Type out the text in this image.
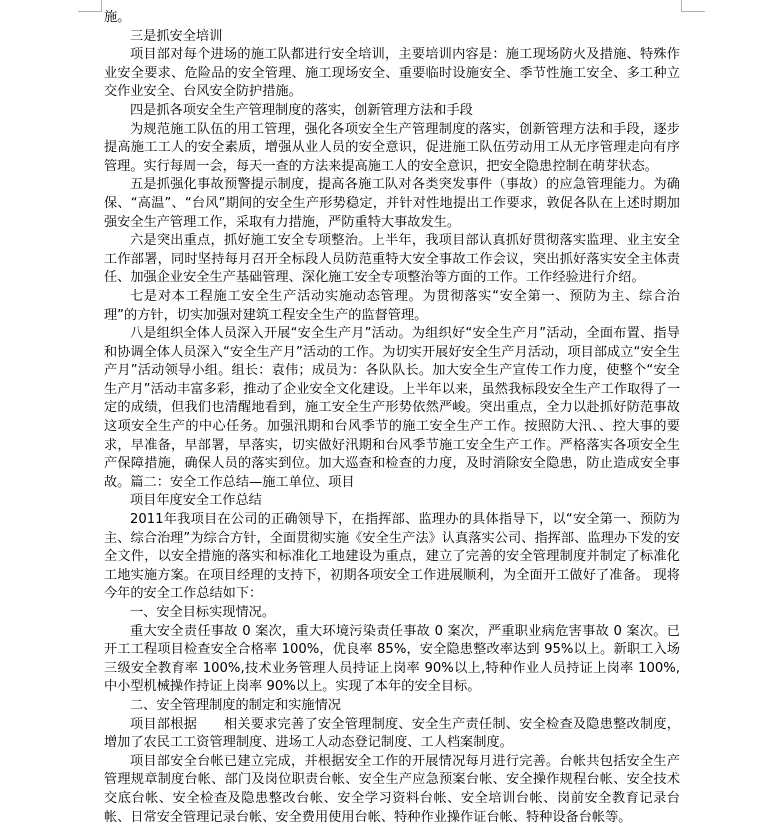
施。

三是抓安全培训

项目部对每个进场的施工队都进行安全培训，主要培训内容是：施工现场防火及措施、特殊作业安全要求、危险品的安全管理、施工现场安全、重要临时设施安全、季节性施工安全、多工种立交作业安全、台风安全防护措施。

四是抓各项安全生产管理制度的落实，创新管理方法和手段

为规范施工队伍的用工管理，强化各项安全生产管理制度的落实，创新管理方法和手段，逐步提高施工工人的安全素质，增强从业人员的安全意识，促进施工队伍劳动用工从无序管理走向有序管理。实行每周一会，每天一查的方法来提高施工人的安全意识，把安全隐患控制在萌芽状态。

五是抓强化事故预警提示制度，提高各施工队对各类突发事件（事故）的应急管理能力。为确保、“高温”、“台风”期间的安全生产形势稳定，并针对性地提出工作要求，敦促各队在上述时期加强安全生产管理工作，采取有力措施，严防重特大事故发生。

六是突出重点，抓好施工安全专项整治。上半年，我项目部认真抓好贯彻落实监理、业主安全工作部署，同时坚持每月召开全标段人员防范重特大安全事故工作会议，突出抓好落实安全主体责任、加强企业安全生产基础管理、深化施工安全专项整治等方面的工作。工作经验进行介绍。

七是对本工程施工安全生产活动实施动态管理。为贯彻落实“安全第一、预防为主、综合治理”的方针，切实加强对建筑工程安全生产的监督管理。

八是组织全体人员深入开展“安全生产月”活动。为组织好“安全生产月”活动，全面布置、指导和协调全体人员深入“安全生产月”活动的工作。为切实开展好安全生产月活动，项目部成立“安全生产月”活动领导小组。组长：袁伟；成员为：各队队长。加大安全生产宣传工作力度，使整个“安全生产月”活动丰富多彩，推动了企业安全文化建设。上半年以来，虽然我标段安全生产工作取得了一定的成绩，但我们也清醒地看到，施工安全生产形势依然严峻。突出重点，全力以赴抓好防范事故这项安全生产的中心任务。加强汛期和台风季节的施工安全生产工作。按照防大汛、、控大事的要求，早准备，早部署，早落实，切实做好汛期和台风季节施工安全生产工作。严格落实各项安全生产保障措施，确保人员的落实到位。加大巡查和检查的力度，及时消除安全隐患，防止造成安全事故。篇二：安全工作总结—施工单位、项目

项目年度安全工作总结

2011年我项目在公司的正确领导下，在指挥部、监理办的具体指导下，以“安全第一、预防为主、综合治理”为综合方针，全面贯彻实施《安全生产法》认真落实公司、指挥部、监理办下发的安全文件，以安全措施的落实和标准化工地建设为重点，建立了完善的安全管理制度并制定了标准化工地实施方案。在项目经理的支持下，初期各项安全工作进展顺利，为全面开工做好了准备。 现将今年的安全工作总结如下：

一、安全目标实现情况。

重大安全责任事故 0 案次，重大环境污染责任事故 0 案次，严重职业病危害事故 0 案次。已开工工程项目检查安全合格率 100%，优良率 85%，安全隐患整改率达到 95%以上。新职工入场三级安全教育率 100%,技术业务管理人员持证上岗率 90%以上,特种作业人员持证上岗率 100%,中小型机械操作持证上岗率 90%以上。实现了本年的安全目标。

二、安全管理制度的制定和实施情况

项目部根据　　相关要求完善了安全管理制度、安全生产责任制、安全检查及隐患整改制度，增加了农民工工资管理制度、进场工人动态登记制度、工人档案制度。

项目部安全台帐已建立完成，并根据安全工作的开展情况每月进行完善。台帐共包括安全生产管理规章制度台帐、部门及岗位职责台帐、安全生产应急预案台帐、安全操作规程台帐、安全技术交底台帐、安全检查及隐患整改台帐、安全学习资料台帐、安全培训台帐、岗前安全教育记录台帐、日常安全管理记录台帐、安全费用使用台帐、特种作业操作证台帐、特种设备台帐等。
